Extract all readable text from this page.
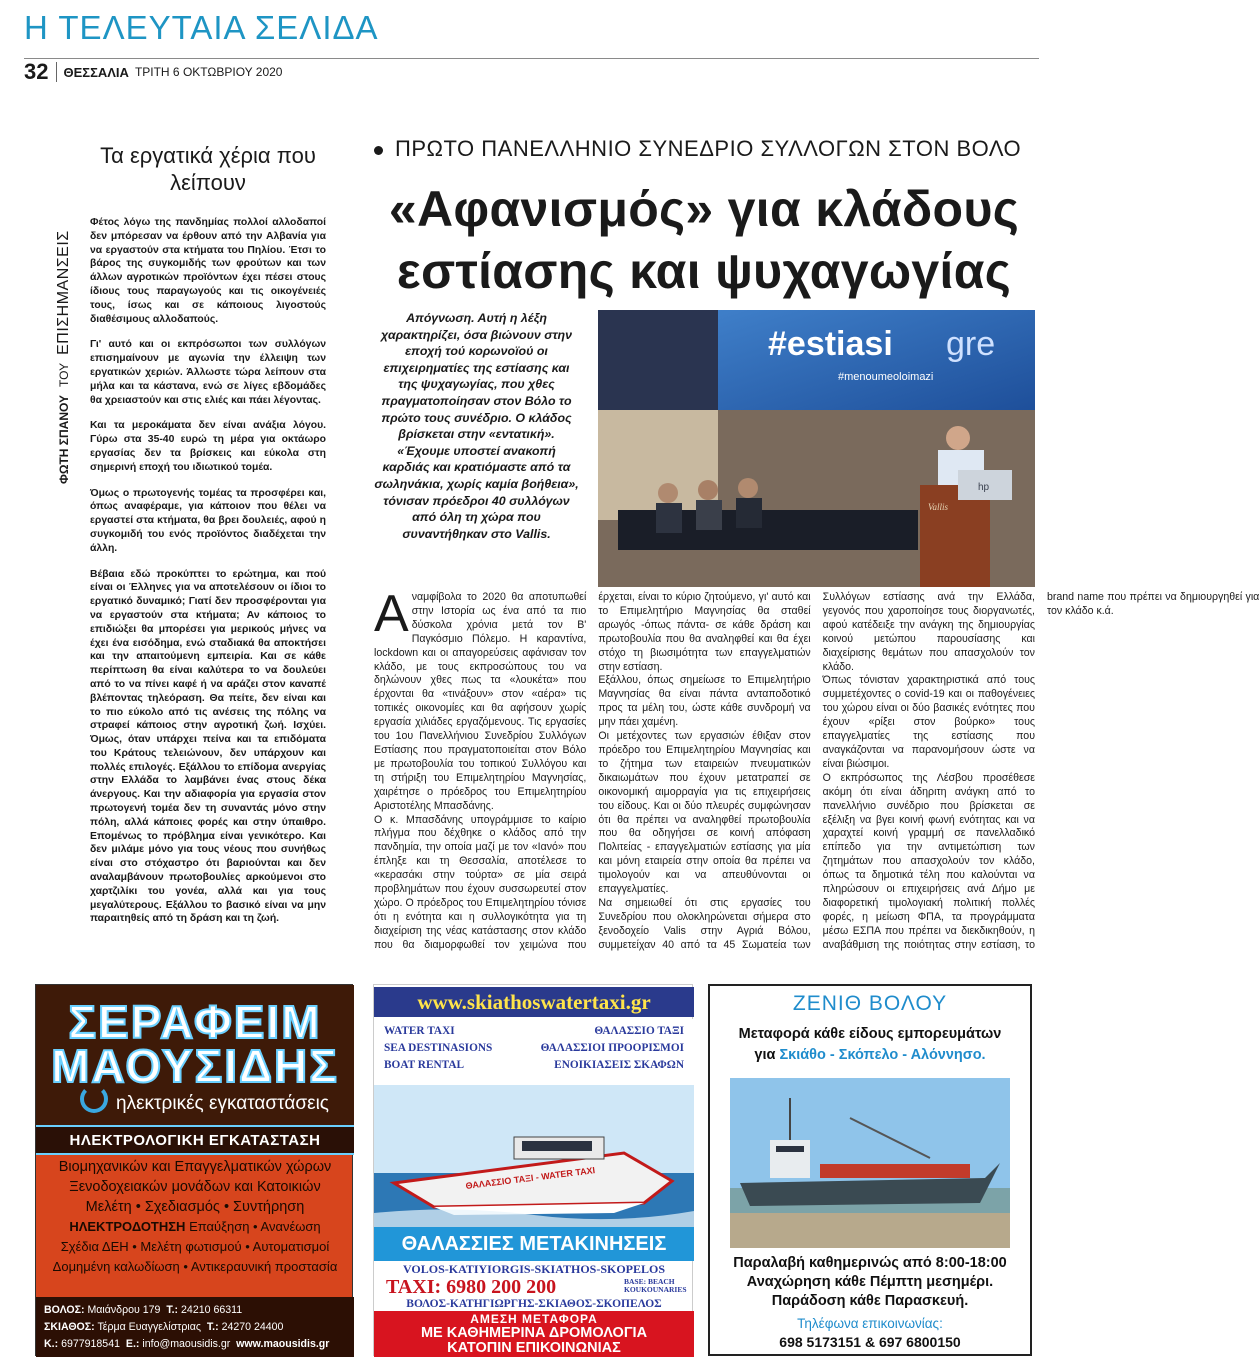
Η ΤΕΛΕΥΤΑΙΑ ΣΕΛΙΔΑ
32 ΘΕΣΣΑΛΙΑ ΤΡΙΤΗ 6 ΟΚΤΩΒΡΙΟΥ 2020
ΦΩΤΗ ΣΠΑΝΟΥ
ΤΟΥ
ΕΠΙΣΗΜΑΝΣΕΙΣ
Τα εργατικά χέρια που λείπουν

Φέτος λόγω της πανδημίας πολλοί αλλοδαποί δεν μπόρεσαν να έρθουν από την Αλβανία για να εργαστούν στα κτήματα του Πηλίου. Έτσι το βάρος της συγκομιδής των φρούτων και των άλλων αγροτικών προϊόντων έχει πέσει στους ίδιους τους παραγωγούς και τις οικογένειές τους, ίσως και σε κάποιους λιγοστούς διαθέσιμους αλλοδαπούς.

Γι' αυτό και οι εκπρόσωποι των συλλόγων επισημαίνουν με αγωνία την έλλειψη των εργατικών χεριών. Άλλωστε τώρα λείπουν στα μήλα και τα κάστανα, ενώ σε λίγες εβδομάδες θα χρειαστούν και στις ελιές και πάει λέγοντας.

Και τα μεροκάματα δεν είναι ανάξια λόγου. Γύρω στα 35-40 ευρώ τη μέρα για οκτάωρο εργασίας δεν τα βρίσκεις και εύκολα στη σημερινή εποχή του ιδιωτικού τομέα.

Όμως ο πρωτογενής τομέας τα προσφέρει και, όπως αναφέραμε, για κάποιον που θέλει να εργαστεί στα κτήματα, θα βρει δουλειές, αφού η συγκομιδή του ενός προϊόντος διαδέχεται την άλλη.

Βέβαια εδώ προκύπτει το ερώτημα, και πού είναι οι Έλληνες για να αποτελέσουν οι ίδιοι το εργατικό δυναμικό; Γιατί δεν προσφέρονται για να εργαστούν στα κτήματα; Αν κάποιος το επιδιώξει θα μπορέσει για μερικούς μήνες να έχει ένα εισόδημα, ενώ σταδιακά θα αποκτήσει και την απαιτούμενη εμπειρία. Και σε κάθε περίπτωση θα είναι καλύτερα το να δουλεύει από το να πίνει καφέ ή να αράζει στον καναπέ βλέποντας τηλεόραση. Θα πείτε, δεν είναι και το πιο εύκολο από τις ανέσεις της πόλης να στραφεί κάποιος στην αγροτική ζωή. Ισχύει. Όμως, όταν υπάρχει πείνα και τα επιδόματα του Κράτους τελειώνουν, δεν υπάρχουν και πολλές επιλογές. Εξάλλου το επίδομα ανεργίας στην Ελλάδα το λαμβάνει ένας στους δέκα άνεργους. Και την αδιαφορία για εργασία στον πρωτογενή τομέα δεν τη συναντάς μόνο στην πόλη, αλλά κάποιες φορές και στην ύπαιθρο. Επομένως το πρόβλημα είναι γενικότερο. Και δεν μιλάμε μόνο για τους νέους που συνήθως είναι στο στόχαστρο ότι βαριούνται και δεν αναλαμβάνουν πρωτοβουλίες αρκούμενοι στο χαρτζιλίκι του γονέα, αλλά και για τους μεγαλύτερους. Εξάλλου το βασικό είναι να μην παραιτηθείς από τη δράση και τη ζωή.

ΠΡΩΤΟ ΠΑΝΕΛΛΗΝΙΟ ΣΥΝΕΔΡΙΟ ΣΥΛΛΟΓΩΝ ΣΤΟΝ ΒΟΛΟ
«Αφανισμός» για κλάδους
εστίασης και ψυχαγωγίας
Απόγνωση. Αυτή η λέξη χαρακτηρίζει, όσα βιώνουν στην εποχή τού κορωνοϊού οι επιχειρηματίες της εστίασης και της ψυχαγωγίας, που χθες πραγματοποίησαν στον Βόλο το πρώτο τους συνέδριο. Ο κλάδος βρίσκεται στην «εντατική». «Έχουμε υποστεί ανακοπή καρδιάς και κρατιόμαστε από τα σωληνάκια, χωρίς καμία βοήθεια», τόνισαν πρόεδροι 40 συλλόγων από όλη τη χώρα που συναντήθηκαν στο Vallis.
#estiasi gre
#menoumeoloimazi
hp
Vallis

Αναμφίβολα το 2020 θα αποτυπωθεί στην Ιστορία ως ένα από τα πιο δύσκολα χρόνια μετά τον Β' Παγκόσμιο Πόλεμο. Η καραντίνα, lockdown και οι απαγορεύσεις αφάνισαν τον κλάδο, με τους εκπροσώπους του να δηλώνουν χθες πως τα «λουκέτα» που έρχονται θα «τινάξουν» στον «αέρα» τις τοπικές οικονομίες και θα αφήσουν χωρίς εργασία χιλιάδες εργαζόμενους. Τις εργασίες του 1ου Πανελλήνιου Συνεδρίου Συλλόγων Εστίασης που πραγματοποιείται στον Βόλο με πρωτοβουλία του τοπικού Συλλόγου και τη στήριξη του Επιμελητηρίου Μαγνησίας, χαιρέτησε ο πρόεδρος του Επιμελητηρίου Αριστοτέλης Μπασδάνης.

Ο κ. Μπασδάνης υπογράμμισε το καίριο πλήγμα που δέχθηκε ο κλάδος από την πανδημία, την οποία μαζί με τον «Ιανό» που έπληξε και τη Θεσσαλία, αποτέλεσε το «κερασάκι στην τούρτα» σε μία σειρά προβλημάτων που έχουν συσσωρευτεί στον χώρο. Ο πρόεδρος του Επιμελητηρίου τόνισε ότι η ενότητα και η συλλογικότητα για τη διαχείριση της νέας κατάστασης στον κλάδο που θα διαμορφωθεί τον χειμώνα που έρχεται, είναι το κύριο ζητούμενο, γι' αυτό και το Επιμελητήριο Μαγνησίας θα σταθεί αρωγός -όπως πάντα- σε κάθε δράση και πρωτοβουλία που θα αναληφθεί και θα έχει στόχο τη βιωσιμότητα των επαγγελματιών στην εστίαση.

Εξάλλου, όπως σημείωσε το Επιμελητήριο Μαγνησίας θα είναι πάντα ανταποδοτικό προς τα μέλη του, ώστε κάθε συνδρομή να μην πάει χαμένη.

Οι μετέχοντες των εργασιών έθιξαν στον πρόεδρο του Επιμελητηρίου Μαγνησίας και το ζήτημα των εταιρειών πνευματικών δικαιωμάτων που έχουν μετατραπεί σε οικονομική αιμορραγία για τις επιχειρήσεις του είδους. Και οι δύο πλευρές συμφώνησαν ότι θα πρέπει να αναληφθεί πρωτοβουλία που θα οδηγήσει σε κοινή απόφαση Πολιτείας - επαγγελματιών εστίασης για μία και μόνη εταιρεία στην οποία θα πρέπει να τιμολογούν και να απευθύνονται οι επαγγελματίες.

Να σημειωθεί ότι στις εργασίες του Συνεδρίου που ολοκληρώνεται σήμερα στο ξενοδοχείο Valis στην Αγριά Βόλου, συμμετείχαν 40 από τα 45 Σωματεία των Συλλόγων εστίασης ανά την Ελλάδα, γεγονός που χαροποίησε τους διοργανωτές, αφού κατέδειξε την ανάγκη της δημιουργίας κοινού μετώπου παρουσίασης και διαχείρισης θεμάτων που απασχολούν τον κλάδο.

Όπως τόνισταν χαρακτηριστικά από τους συμμετέχοντες ο covid-19 και οι παθογένειες του χώρου είναι οι δύο βασικές ενότητες που έχουν «ρίξει στον βούρκο» τους επαγγελματίες της εστίασης που αναγκάζονται να παρανομήσουν ώστε να είναι βιώσιμοι.

Ο εκπρόσωπος της Λέσβου προσέθεσε ακόμη ότι είναι άδηριτη ανάγκη από το πανελλήνιο συνέδριο που βρίσκεται σε εξέλιξη να βγει κοινή φωνή ενότητας και να χαραχτεί κοινή γραμμή σε πανελλαδικό επίπεδο για την αντιμετώπιση των ζητημάτων που απασχολούν τον κλάδο, όπως τα δημοτικά τέλη που καλούνται να πληρώσουν οι επιχειρήσεις ανά Δήμο με διαφορετική τιμολογιακή πολιτική πολλές φορές, η μείωση ΦΠΑ, τα προγράμματα μέσω ΕΣΠΑ που πρέπει να διεκδικηθούν, η αναβάθμιση της ποιότητας στην εστίαση, το brand name που πρέπει να δημιουργηθεί για τον κλάδο κ.ά.

ΣΕΡΑΦΕΙΜ
ΜΑΟΥΣΙΔΗΣ
ηλεκτρικές εγκαταστάσεις
ΗΛΕΚΤΡΟΛΟΓΙΚΗ ΕΓΚΑΤΑΣΤΑΣΗ
Βιομηχανικών και Επαγγελματικών χώρων
Ξενοδοχειακών μονάδων και Κατοικιών
Μελέτη • Σχεδιασμός • Συντήρηση
ΗΛΕΚΤΡΟΔΟΤΗΣΗ Επαύξηση • Ανανέωση
Σχέδια ΔΕΗ • Μελέτη φωτισμού • Αυτοματισμοί
Δομημένη καλωδίωση • Αντικεραυνική προστασία
ΒΟΛΟΣ: Μαιάνδρου 179 Τ.: 24210 66311
ΣΚΙΑΘΟΣ: Τέρμα Ευαγγελίστριας Τ.: 24270 24400
Κ.: 6977918541 Ε.: info@maousidis.gr www.maousidis.gr
www.skiathoswatertaxi.gr
WATER TAXI
SEA DESTINASIONS
BOAT RENTAL
ΘΑΛΑΣΣΙΟ ΤΑΞΙ
ΘΑΛΑΣΣΙΟΙ ΠΡΟΟΡΙΣΜΟΙ
ΕΝΟΙΚΙΑΣΕΙΣ ΣΚΑΦΩΝ
ΘΑΛΑΣΣΙΟ ΤΑΞΙ - WATER TAXI
ΘΑΛΑΣΣΙΕΣ ΜΕΤΑΚΙΝΗΣΕΙΣ
VOLOS-KATIYIORGIS-SKIATHOS-SKOPELOS
TAXI: 6980 200 200	BASE: BEACH
KOUKOUNARIES
ΒΟΛΟΣ-ΚΑΤΗΓΙΩΡΓΗΣ-ΣΚΙΑΘΟΣ-ΣΚΟΠΕΛΟΣ
ΑΜΕΣΗ ΜΕΤΑΦΟΡΑ
ΜΕ ΚΑΘΗΜΕΡΙΝΑ ΔΡΟΜΟΛΟΓΙΑ
ΚΑΤΟΠΙΝ ΕΠΙΚΟΙΝΩΝΙΑΣ
ΖΕΝΙΘ ΒΟΛΟΥ
Μεταφορά κάθε είδους εμπορευμάτων
για Σκιάθο - Σκόπελο - Αλόννησο.
Παραλαβή καθημερινώς από 8:00-18:00
Αναχώρηση κάθε Πέμπτη μεσημέρι.
Παράδοση κάθε Παρασκευή.
Τηλέφωνα επικοινωνίας:
698 5173151 & 697 6800150
